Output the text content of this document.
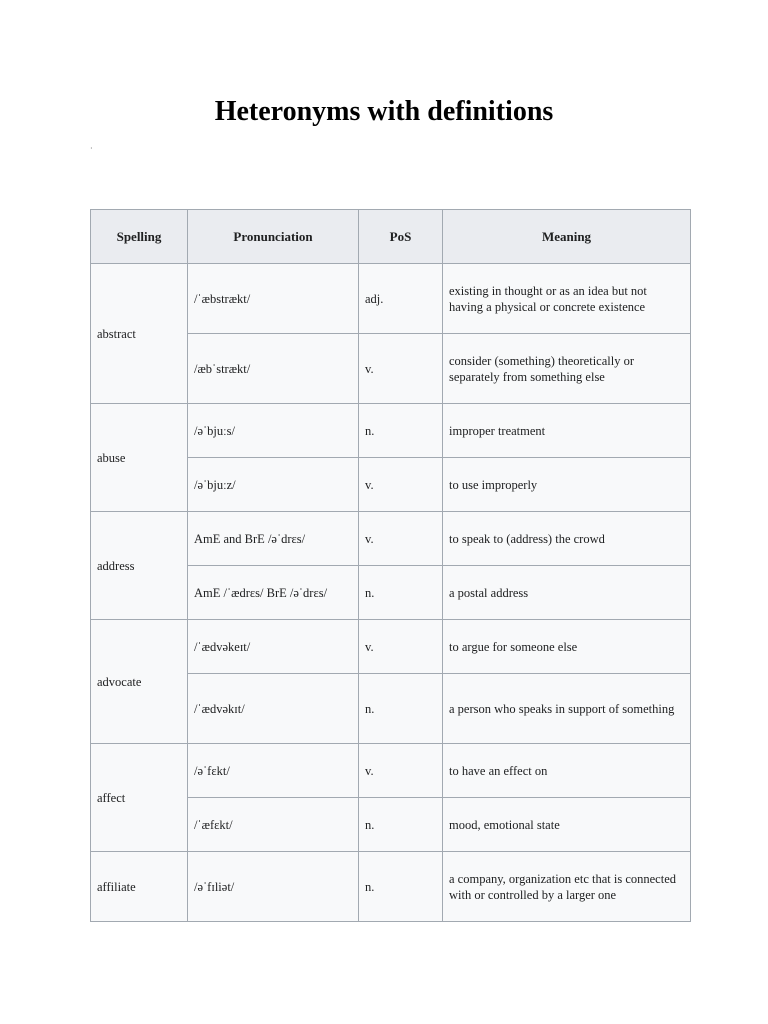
Heteronyms with definitions
·
Spelling	Pronunciation	PoS	Meaning
abstract	/ˈæbstrækt/	adj.	existing in thought or as an idea but not having a physical or concrete existence
	/æbˈstrækt/	v.	consider (something) theoretically or separately from something else
abuse	/əˈbjuːs/	n.	improper treatment
	/əˈbjuːz/	v.	to use improperly
address	AmE and BrE /əˈdrɛs/	v.	to speak to (address) the crowd
	AmE /ˈædrɛs/ BrE /əˈdrɛs/	n.	a postal address
advocate	/ˈædvəkeɪt/	v.	to argue for someone else
	/ˈædvəkɪt/	n.	a person who speaks in support of something
affect	/əˈfɛkt/	v.	to have an effect on
	/ˈæfɛkt/	n.	mood, emotional state
affiliate	/əˈfɪliət/	n.	a company, organization etc that is connected with or controlled by a larger one
